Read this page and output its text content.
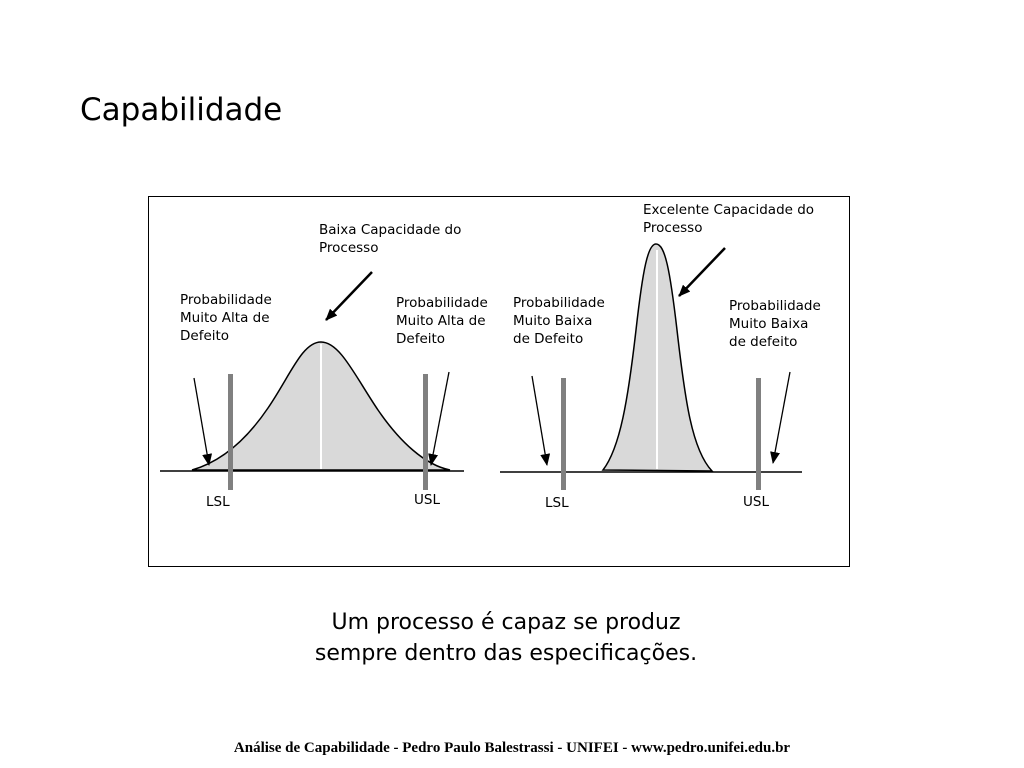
Capabilidade
Baixa Capacidade do
Processo
Probabilidade
Muito Alta de
Defeito
Probabilidade
Muito Alta de
Defeito
LSL	USL
Excelente Capacidade do
Processo
Probabilidade
Muito Baixa
de Defeito
Probabilidade
Muito Baixa
de defeito
LSL	USL
Um processo é capaz se produz sempre dentro das especificações.
Análise de Capabilidade - Pedro Paulo Balestrassi - UNIFEI - www.pedro.unifei.edu.br
